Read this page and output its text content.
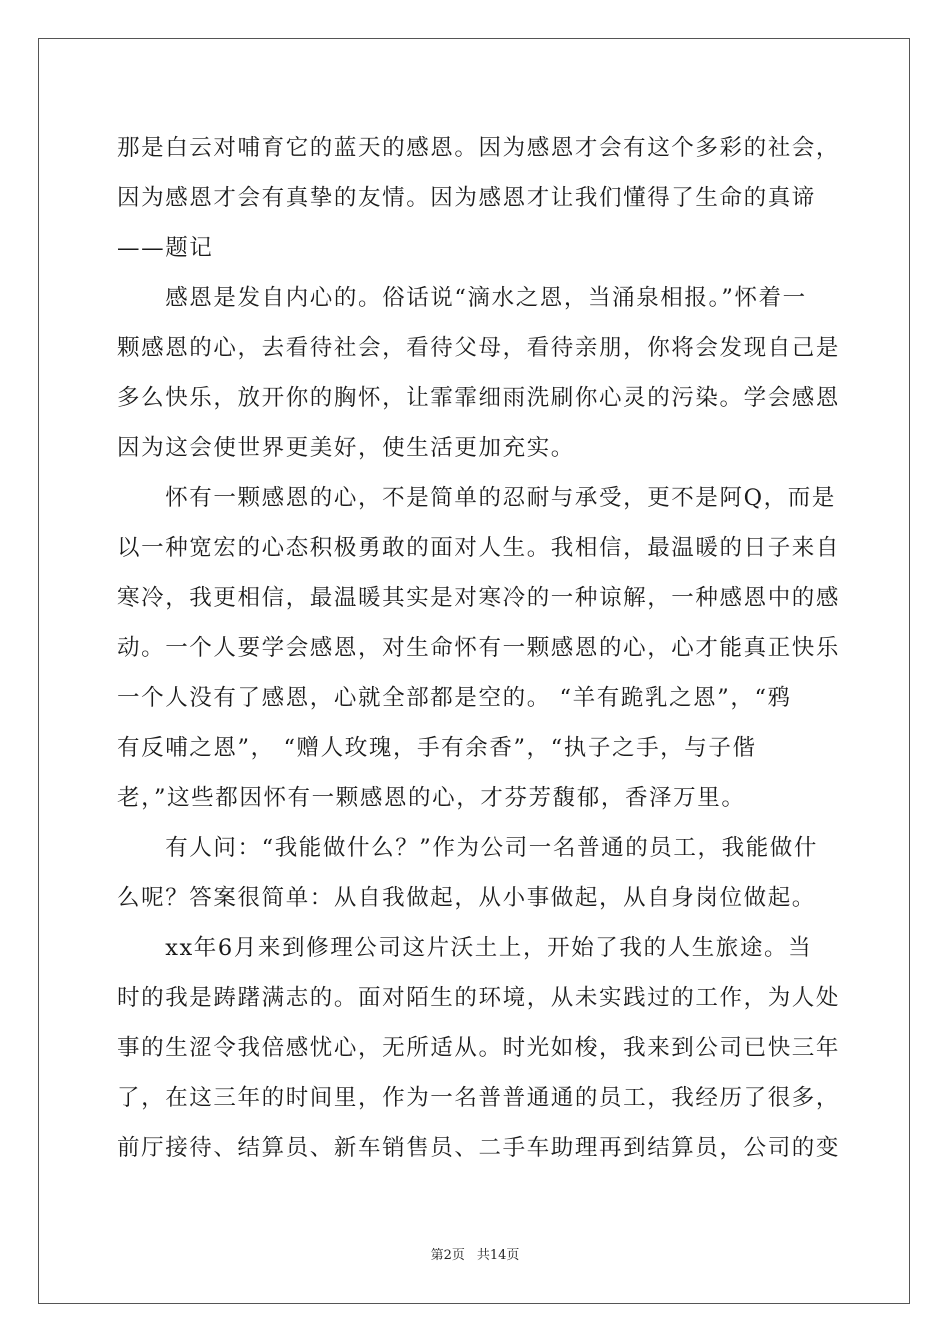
那是白云对哺育它的蓝天的感恩。因为感恩才会有这个多彩的社会，
因为感恩才会有真挚的友情。因为感恩才让我们懂得了生命的真谛
——题记
　　感恩是发自内心的。俗话说“滴水之恩，当涌泉相报。”怀着一
颗感恩的心，去看待社会，看待父母，看待亲朋，你将会发现自己是
多么快乐，放开你的胸怀，让霏霏细雨洗刷你心灵的污染。学会感恩
因为这会使世界更美好，使生活更加充实。
　　怀有一颗感恩的心，不是简单的忍耐与承受，更不是阿Q，而是
以一种宽宏的心态积极勇敢的面对人生。我相信，最温暖的日子来自
寒冷，我更相信，最温暖其实是对寒冷的一种谅解，一种感恩中的感
动。一个人要学会感恩，对生命怀有一颗感恩的心，心才能真正快乐
一个人没有了感恩，心就全部都是空的。 “羊有跪乳之恩”，“鸦
有反哺之恩”， “赠人玫瑰，手有余香”，“执子之手，与子偕
老，”这些都因怀有一颗感恩的心，才芬芳馥郁，香泽万里。
　　有人问：“我能做什么？”作为公司一名普通的员工，我能做什
么呢？答案很简单：从自我做起，从小事做起，从自身岗位做起。
　　xx年6月来到修理公司这片沃土上，开始了我的人生旅途。当
时的我是踌躇满志的。面对陌生的环境，从未实践过的工作，为人处
事的生涩令我倍感忧心，无所适从。时光如梭，我来到公司已快三年
了，在这三年的时间里，作为一名普普通通的员工，我经历了很多，
前厅接待、结算员、新车销售员、二手车助理再到结算员，公司的变
第2页 共14页
